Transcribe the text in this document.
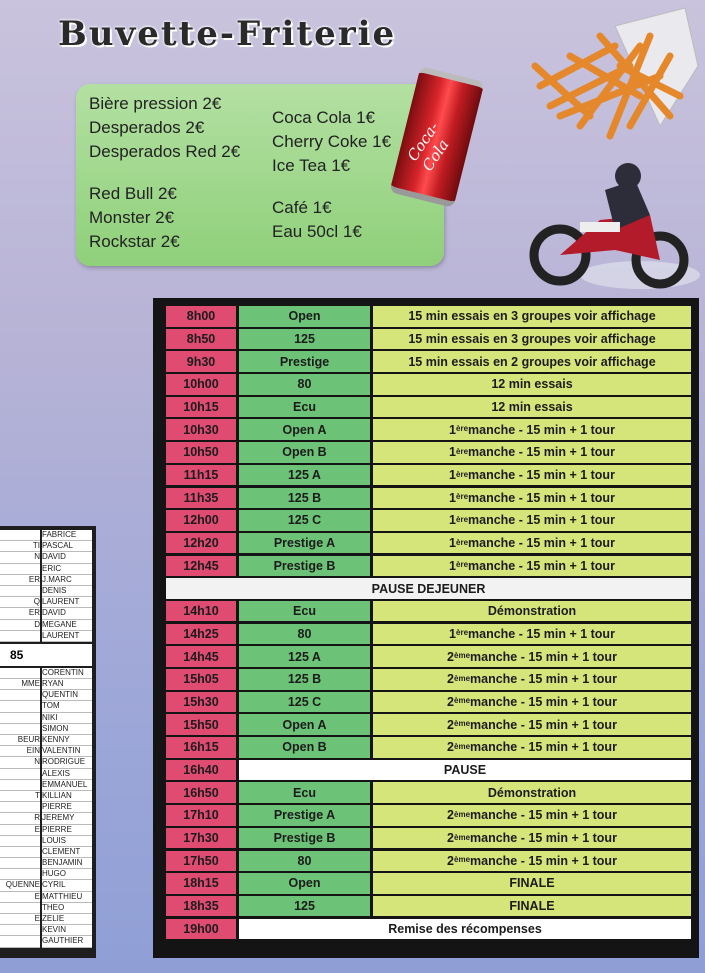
Buvette-Friterie
Bière pression 2€
Desperados 2€
Desperados Red 2€
Red Bull 2€
Monster 2€
Rockstar 2€
Coca Cola 1€
Cherry Coke 1€
Ice Tea 1€
Café 1€
Eau 50cl 1€
Coca-Cola
FABRICE
TI PASCAL
N DAVID
ERIC
ER J.MARC
DENIS
Q LAURENT
ER DAVID
D MEGANE
LAURENT
85
CORENTIN
MME RYAN
QUENTIN
TOM
NIKI
SIMON
BEUR KENNY
EIN VALENTIN
N RODRIGUE
ALEXIS
EMMANUEL
T KILLIAN
PIERRE
R JEREMY
E PIERRE
LOUIS
CLEMENT
BENJAMIN
HUGO
QUENNE CYRIL
E MATTHIEU
THEO
E ZELIE
KEVIN
GAUTHIER
8h00	Open	15 min essais en 3 groupes voir affichage
8h50	125	15 min essais en 3 groupes voir affichage
9h30	Prestige	15 min essais en 2 groupes voir affichage
10h00	80	12 min essais
10h15	Ecu	12 min essais
10h30	Open A	1ère manche - 15 min + 1 tour
10h50	Open B	1ère manche - 15 min + 1 tour
11h15	125 A	1ère manche - 15 min + 1 tour
11h35	125 B	1ère manche - 15 min + 1 tour
12h00	125 C	1ère manche - 15 min + 1 tour
12h20	Prestige A	1ère manche - 15 min + 1 tour
12h45	Prestige B	1ère manche - 15 min + 1 tour
PAUSE DEJEUNER
14h10	Ecu	Démonstration
14h25	80	1ère manche - 15 min + 1 tour
14h45	125 A	2ème manche - 15 min + 1 tour
15h05	125 B	2ème manche - 15 min + 1 tour
15h30	125 C	2ème manche - 15 min + 1 tour
15h50	Open A	2ème manche - 15 min + 1 tour
16h15	Open B	2ème manche - 15 min + 1 tour
16h40	PAUSE
16h50	Ecu	Démonstration
17h10	Prestige A	2ème manche - 15 min + 1 tour
17h30	Prestige B	2ème manche - 15 min + 1 tour
17h50	80	2ème manche - 15 min + 1 tour
18h15	Open	FINALE
18h35	125	FINALE
19h00	Remise des récompenses
